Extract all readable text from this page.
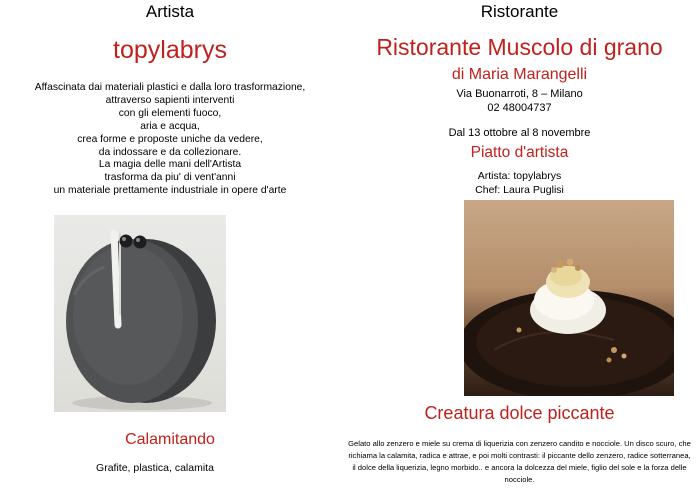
Artista
topylabrys
Affascinata dai materiali plastici e dalla loro trasformazione,
attraverso sapienti interventi
con gli elementi fuoco,
aria e acqua,
crea forme e proposte uniche da vedere,
da indossare e da collezionare.
La magia delle mani dell'Artista
trasforma da piu' di vent'anni
un materiale prettamente industriale in opere d'arte
Calamitando
Grafite, plastica, calamita
Ristorante
Ristorante Muscolo di grano
di Maria Marangelli
Via Buonarroti, 8 – Milano
02 48004737
Dal 13 ottobre al 8 novembre
Piatto d'artista
Artista: topylabrys
Chef: Laura Puglisi
Creatura dolce piccante
Gelato allo zenzero e miele su crema di liquerizia con zenzero candito e nocciole. Un disco scuro, che richiama la calamita, radica e attrae, e poi molti contrasti: il piccante dello zenzero, radice sotterranea, il dolce della liquerizia, legno morbido.. e ancora la dolcezza del miele, figlio del sole e la forza delle nocciole.
